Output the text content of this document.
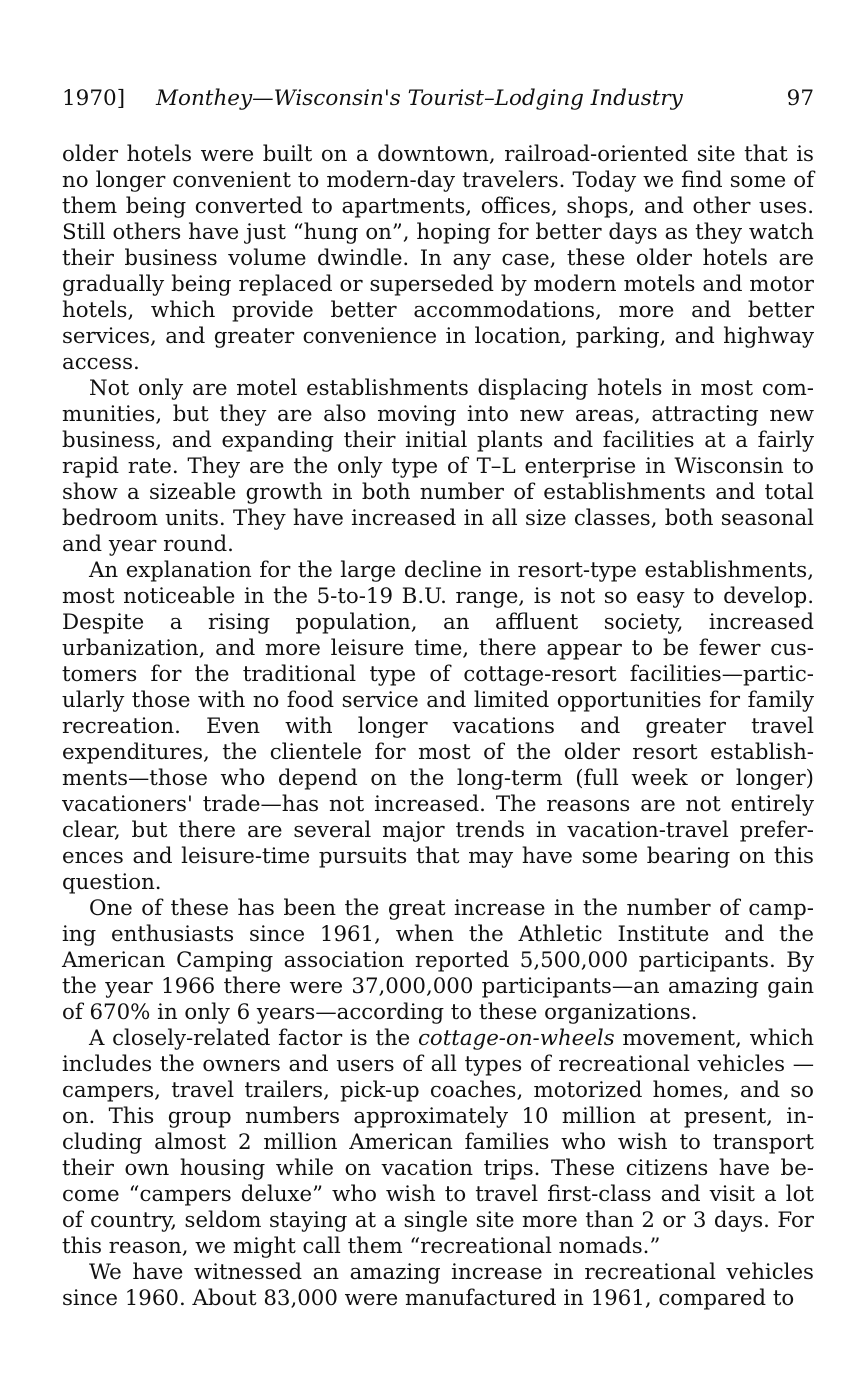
1970] Monthey—Wisconsin's Tourist–Lodging Industry	97

older hotels were built on a downtown, railroad-oriented site that is no longer convenient to modern-day travelers. Today we find some of them being converted to apartments, offices, shops, and other uses. Still others have just “hung on”, hoping for better days as they watch their business volume dwindle. In any case, these older hotels are gradually being replaced or superseded by modern motels and motor hotels, which provide better accommodations, more and better services, and greater convenience in location, parking, and highway access.

Not only are motel establishments displacing hotels in most communities, but they are also moving into new areas, attracting new business, and expanding their initial plants and facilities at a fairly rapid rate. They are the only type of T–L enterprise in Wisconsin to show a sizeable growth in both number of establishments and total bedroom units. They have increased in all size classes, both seasonal and year round.

An explanation for the large decline in resort-type establishments, most noticeable in the 5-to-19 B.U. range, is not so easy to develop. Despite a rising population, an affluent society, increased urbanization, and more leisure time, there appear to be fewer customers for the traditional type of cottage-resort facilities—particularly those with no food service and limited opportunities for family recreation. Even with longer vacations and greater travel expenditures, the clientele for most of the older resort establishments—those who depend on the long-term (full week or longer) vacationers' trade—has not increased. The reasons are not entirely clear, but there are several major trends in vacation-travel preferences and leisure-time pursuits that may have some bearing on this question.

One of these has been the great increase in the number of camping enthusiasts since 1961, when the Athletic Institute and the American Camping association reported 5,500,000 participants. By the year 1966 there were 37,000,000 participants—an amazing gain of 670% in only 6 years—according to these organizations.

A closely-related factor is the cottage-on-wheels movement, which includes the owners and users of all types of recreational vehicles —campers, travel trailers, pick-up coaches, motorized homes, and so on. This group numbers approximately 10 million at present, including almost 2 million American families who wish to transport their own housing while on vacation trips. These citizens have become “campers deluxe” who wish to travel first-class and visit a lot of country, seldom staying at a single site more than 2 or 3 days. For this reason, we might call them “recreational nomads.”

We have witnessed an amazing increase in recreational vehicles since 1960. About 83,000 were manufactured in 1961, compared to
